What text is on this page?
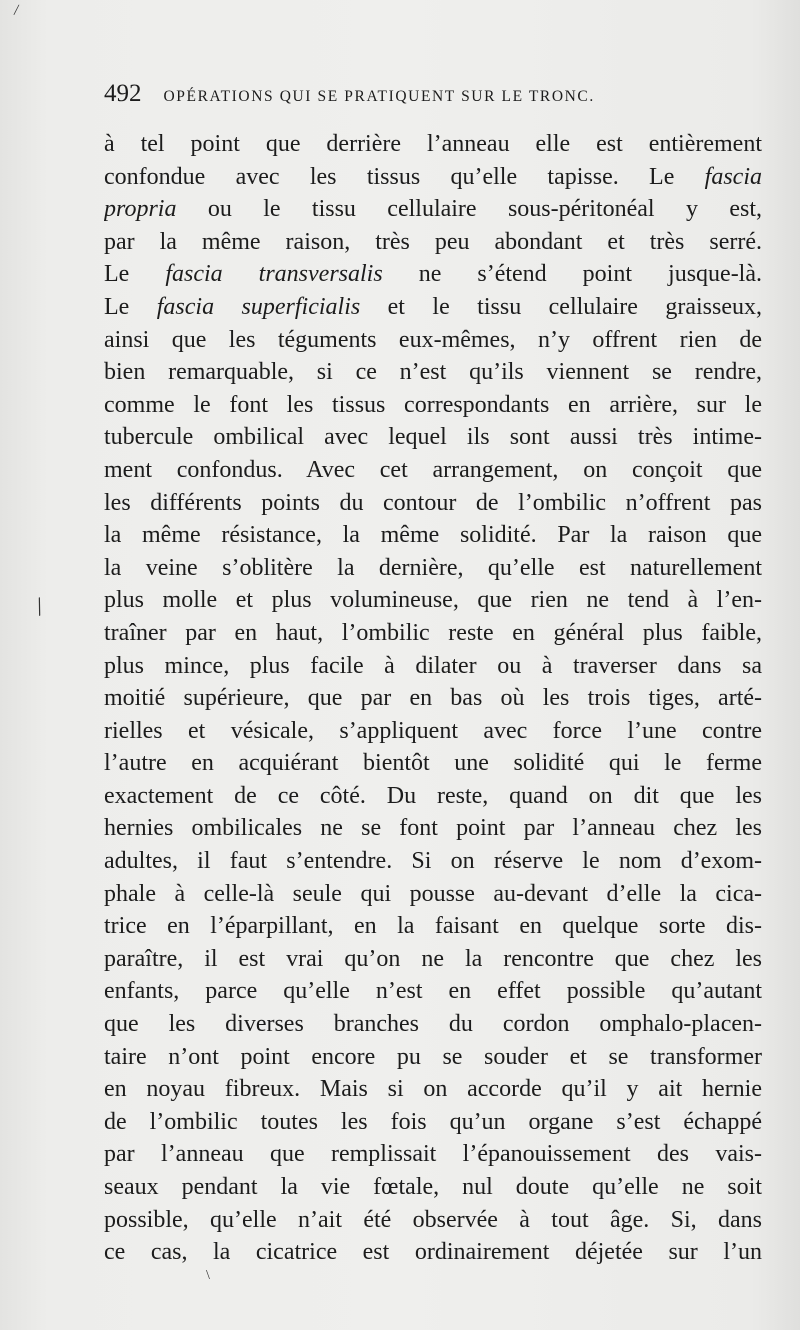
/
/
\
492 OPÉRATIONS QUI SE PRATIQUENT SUR LE TRONC.
à tel point que derrière l’anneau elle est entièrement
confondue avec les tissus qu’elle tapisse. Le fascia
propria ou le tissu cellulaire sous-péritonéal y est,
par la même raison, très peu abondant et très serré.
Le fascia transversalis ne s’étend point jusque-là.
Le fascia superficialis et le tissu cellulaire graisseux,
ainsi que les téguments eux-mêmes, n’y offrent rien de
bien remarquable, si ce n’est qu’ils viennent se rendre,
comme le font les tissus correspondants en arrière, sur le
tubercule ombilical avec lequel ils sont aussi très intime-
ment confondus. Avec cet arrangement, on conçoit que
les différents points du contour de l’ombilic n’offrent pas
la même résistance, la même solidité. Par la raison que
la veine s’oblitère la dernière, qu’elle est naturellement
plus molle et plus volumineuse, que rien ne tend à l’en-
traîner par en haut, l’ombilic reste en général plus faible,
plus mince, plus facile à dilater ou à traverser dans sa
moitié supérieure, que par en bas où les trois tiges, arté-
rielles et vésicale, s’appliquent avec force l’une contre
l’autre en acquiérant bientôt une solidité qui le ferme
exactement de ce côté. Du reste, quand on dit que les
hernies ombilicales ne se font point par l’anneau chez les
adultes, il faut s’entendre. Si on réserve le nom d’exom-
phale à celle-là seule qui pousse au-devant d’elle la cica-
trice en l’éparpillant, en la faisant en quelque sorte dis-
paraître, il est vrai qu’on ne la rencontre que chez les
enfants, parce qu’elle n’est en effet possible qu’autant
que les diverses branches du cordon omphalo-placen-
taire n’ont point encore pu se souder et se transformer
en noyau fibreux. Mais si on accorde qu’il y ait hernie
de l’ombilic toutes les fois qu’un organe s’est échappé
par l’anneau que remplissait l’épanouissement des vais-
seaux pendant la vie fœtale, nul doute qu’elle ne soit
possible, qu’elle n’ait été observée à tout âge. Si, dans
ce cas, la cicatrice est ordinairement déjetée sur l’un
